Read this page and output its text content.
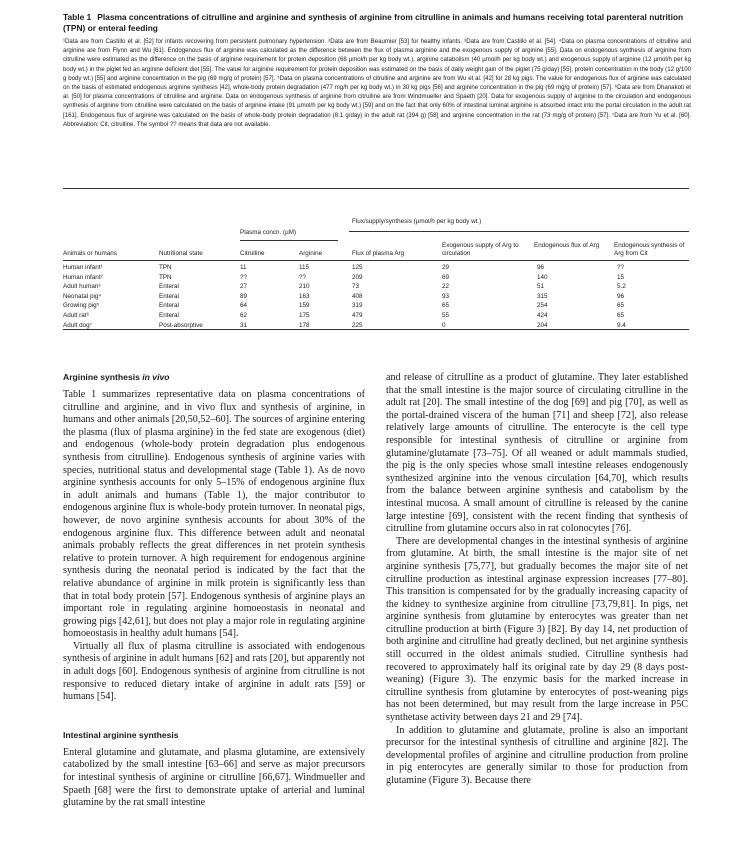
Table 1 Plasma concentrations of citrulline and arginine and synthesis of arginine from citrulline in animals and humans receiving total parenteral nutrition (TPN) or enteral feeding
¹Data are from Castillo et al. [52] for infants recovering from persistent pulmonary hypertension. ²Data are from Beaumier [53] for healthy infants. ³Data are from Castillo et al. [54]. ⁴Data on plasma concentrations of citrulline and arginine are from Flynn and Wu [61]. Endogenous flux of arginine was calculated as the difference between the flux of plasma arginine and the exogenous supply of arginine [55]. Data on endogenous synthesis of arginine from citrulline were estimated as the difference on the basis of arginine requirement for protein deposition (68 µmol/h per kg body wt.), arginine catabolism (40 µmol/h per kg body wt.) and exogenous supply of arginine (12 µmol/h per kg body wt.) in the piglet fed an arginine deficient diet [55]. The value for arginine requirement for protein deposition was estimated on the basis of daily weight gain of the piglet (75 g/day) [55], protein concentration in the body (12 g/100 g body wt.) [55] and arginine concentration in the pig (69 mg/g of protein) [57]. ⁵Data on plasma concentrations of citrulline and arginine are from Wu et al. [42] for 28 kg pigs. The value for endogenous flux of arginine was calculated on the basis of estimated endogenous arginine synthesis [42], whole-body protein degradation (477 mg/h per kg body wt.) in 30 kg pigs [56] and arginine concentration in the pig (69 mg/g of protein) [57]. ⁶Data are from Dhanakoti et al. [50] for plasma concentrations of citrulline and arginine. Data on endogenous synthesis of arginine from citrulline are from Windmueller and Spaeth [20]. Data for exogenous supply of arginine to the circulation and endogenous synthesis of arginine from citrulline were calculated on the basis of arginine intake (91 µmol/h per kg body wt.) [59] and on the fact that only 60% of intestinal luminal arginine is absorbed intact into the portal circulation in the adult rat [161]. Endogenous flux of arginine was calculated on the basis of whole-body protein degradation (8.1 g/day) in the adult rat (394 g) [58] and arginine concentration in the rat (73 mg/g of protein) [57]. ⁷Data are from Yu et al. [60]. Abbreviation: Cit, citrulline. The symbol ?? means that data are not available.
Flux/supply/synthesis (µmol/h per kg body wt.)
Plasma concn. (µM)
Animals or humans	Nutritional state	Citrulline	Arginine	Flux of plasma Arg
Exogenous supply of Arg to circulation
Endogenous flux of Arg	Endogenous synthesis of Arg from Cit
Human infant¹	TPN	11	115	125	29	96	??
Human infant²	TPN	??	??	209	69	140	15
Adult human³	Enteral	27	210	73	22	51	5.2
Neonatal pig⁴	Enteral	89	163	408	93	315	96
Growing pig⁵	Enteral	64	159	319	65	254	65
Adult rat⁶	Enteral	62	175	479	55	424	65
Adult dog⁷	Post-absorptive	31	178	225	0	204	9.4
Arginine synthesis in vivo

Table 1 summarizes representative data on plasma concentrations of citrulline and arginine, and in vivo flux and synthesis of arginine, in humans and other animals [20,50,52–60]. The sources of arginine entering the plasma (flux of plasma arginine) in the fed state are exogenous (diet) and endogenous (whole-body protein degradation plus endogenous synthesis from citrulline). Endogenous synthesis of arginine varies with species, nutritional status and developmental stage (Table 1). As de novo arginine synthesis accounts for only 5–15% of endogenous arginine flux in adult animals and humans (Table 1), the major contributor to endogenous arginine flux is whole-body protein turnover. In neonatal pigs, however, de novo arginine synthesis accounts for about 30% of the endogenous arginine flux. This difference between adult and neonatal animals probably reflects the great differences in net protein synthesis relative to protein turnover. A high requirement for endogenous arginine synthesis during the neonatal period is indicated by the fact that the relative abundance of arginine in milk protein is significantly less than that in total body protein [57]. Endogenous synthesis of arginine plays an important role in regulating arginine homoeostasis in neonatal and growing pigs [42,61], but does not play a major role in regulating arginine homoeostasis in healthy adult humans [54].

Virtually all flux of plasma citrulline is associated with endogenous synthesis of arginine in adult humans [62] and rats [20], but apparently not in adult dogs [60]. Endogenous synthesis of arginine from citrulline is not responsive to reduced dietary intake of arginine in adult rats [59] or humans [54].

Intestinal arginine synthesis

Enteral glutamine and glutamate, and plasma glutamine, are extensively catabolized by the small intestine [63–66] and serve as major precursors for intestinal synthesis of arginine or citrulline [66,67]. Windmueller and Spaeth [68] were the first to demonstrate uptake of arterial and luminal glutamine by the rat small intestine

and release of citrulline as a product of glutamine. They later established that the small intestine is the major source of circulating citrulline in the adult rat [20]. The small intestine of the dog [69] and pig [70], as well as the portal-drained viscera of the human [71] and sheep [72], also release relatively large amounts of citrulline. The enterocyte is the cell type responsible for intestinal synthesis of citrulline or arginine from glutamine/glutamate [73–75]. Of all weaned or adult mammals studied, the pig is the only species whose small intestine releases endogenously synthesized arginine into the venous circulation [64,70], which results from the balance between arginine synthesis and catabolism by the intestinal mucosa. A small amount of citrulline is released by the canine large intestine [69], consistent with the recent finding that synthesis of citrulline from glutamine occurs also in rat colonocytes [76].

There are developmental changes in the intestinal synthesis of arginine from glutamine. At birth, the small intestine is the major site of net arginine synthesis [75,77], but gradually becomes the major site of net citrulline production as intestinal arginase expression increases [77–80]. This transition is compensated for by the gradually increasing capacity of the kidney to synthesize arginine from citrulline [73,79,81]. In pigs, net arginine synthesis from glutamine by enterocytes was greater than net citrulline production at birth (Figure 3) [82]. By day 14, net production of both arginine and citrulline had greatly declined, but net arginine synthesis still occurred in the oldest animals studied. Citrulline synthesis had recovered to approximately half its original rate by day 29 (8 days post-weaning) (Figure 3). The enzymic basis for the marked increase in citrulline synthesis from glutamine by enterocytes of post-weaning pigs has not been determined, but may result from the large increase in P5C synthetase activity between days 21 and 29 [74].

In addition to glutamine and glutamate, proline is also an important precursor for the intestinal synthesis of citrulline and arginine [82]. The developmental profiles of arginine and citrulline production from proline in pig enterocytes are generally similar to those for production from glutamine (Figure 3). Because there
